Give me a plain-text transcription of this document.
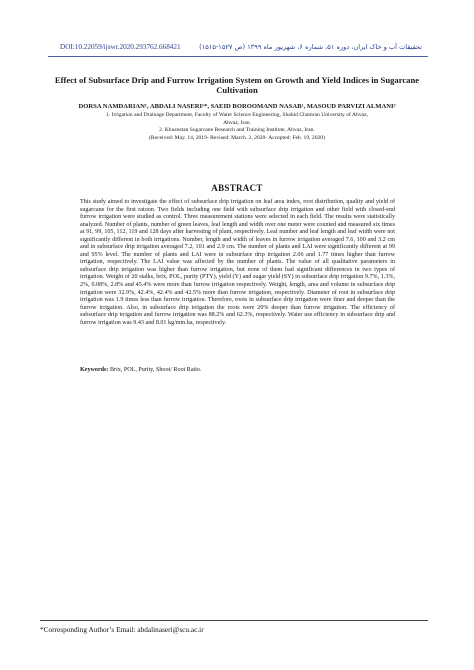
DOI:10.22059/ijswr.2020.293762.668421	تحقیقات آب و خاک ایران، دوره ۵۱، شماره ۶، شهریور ماه ۱۳۹۹ (ص ۱۵۲۷-۱۵۱۵)
Effect of Subsurface Drip and Furrow Irrigation System on Growth and Yield Indices in Sugarcane
Cultivation
DORSA NAMDARIAN¹, ABDALI NASERI¹*, SAEID BOROOMAND NASAB¹, MASOUD PARVIZI ALMANI²
1. Irrigation and Drainage Department, Faculty of Water Science Engineering, Shahid Chamran University of Ahvaz,
Ahvaz, Iran.
2. Khuzestan Sugarcane Research and Training Institute, Ahvaz, Iran.
(Received: May. 14, 2019- Revised: March. 2, 2020- Accepted: Feb. 19, 2020)
ABSTRACT
This study aimed to investigate the effect of subsurface drip irrigation on leaf area index, root distribution, quality and yield of sugarcane for the first ratoon. Two fields including one field with subsurface drip irrigation and other field with closed-end furrow irrigation were studied as control. Three measurement stations were selected in each field. The results were statistically analyzed. Number of plants, number of green leaves, leaf length and width over one meter were counted and measured six times at 91, 99, 105, 112, 119 and 128 days after harvesting of plant, respectively. Leaf number and leaf length and leaf width were not significantly different in both irrigations. Number, length and width of leaves in furrow irrigation averaged 7.6, 100 and 3.2 cm and in subsurface drip irrigation averaged 7.2, 101 and 2.9 cm. The number of plants and LAI were significantly different at 99 and 95% level. The number of plants and LAI were in subsurface drip irrigation 2.06 and 1.77 times higher than furrow irrigation, respectively. The LAI value was affected by the number of plants. The value of all qualitative parameters in subsurface drip irrigation was higher than furrow irrigation, but none of them had significant differences in two types of irrigation. Weight of 20 stalks, brix, POL, purity (PTY), yield (Y) and sugar yield (SY) in subsurface drip irrigation 9.7%, 1.3%, 2%, 0.08%, 2.8% and 45.4% were more than furrow irrigation respectively. Weight, length, area and volume in subsurface drip irrigation were 32.9%, 42.4%, 42.4% and 42.5% more than furrow irrigation, respectively. Diameter of root in subsurface drip irrigation was 1.9 times less than furrow irrigation. Therefore, roots in subsurface drip irrigation were finer and deeper than the furrow irrigation. Also, in subsurface drip irrigation the roots were 20% deeper than furrow irrigation. The efficiency of subsurface drip irrigation and furrow irrigation was 88.2% and 62.3%, respectively. Water use efficiency in subsurface drip and furrow irrigation was 9.43 and 8.01 kg/mm.ha, respectively.
Keywords: Brix, POL, Purity, Shoot/ Root Ratio.
*Corresponding Author’s Email: abdalinaseri@scu.ac.ir
